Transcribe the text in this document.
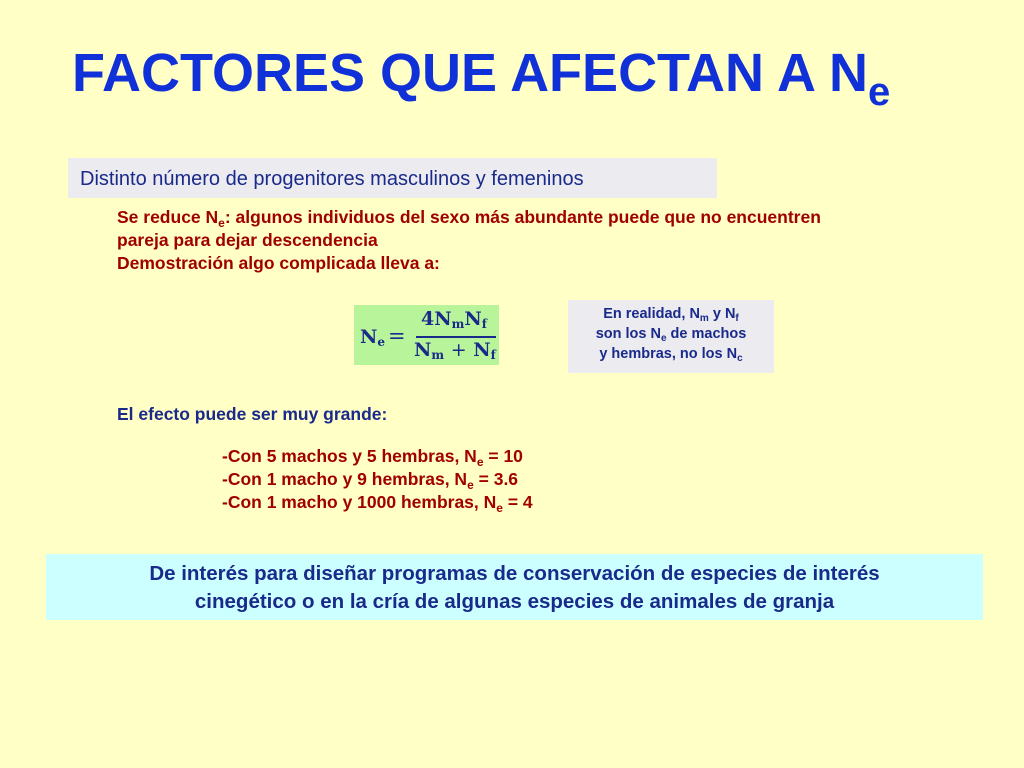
FACTORES QUE AFECTAN A $N_e$
Distinto número de progenitores masculinos y femeninos
Se reduce $N_e$: algunos individuos del sexo más abundante puede que no encuentren
pareja para dejar descendencia
Demostración algo complicada lleva a:
$N_e$ =
$4N_mN_f$
$N_m + N_f$
En realidad, $N_m$ y $N_f$
son los $N_e$ de machos
y hembras, no los $N_c$
El efecto puede ser muy grande:
-Con 5 machos y 5 hembras, $N_e = 10$
-Con 1 macho y 9 hembras, $N_e = 3.6$
-Con 1 macho y 1000 hembras, $N_e = 4$
De interés para diseñar programas de conservación de especies de interés
cinegético o en la cría de algunas especies de animales de granja
